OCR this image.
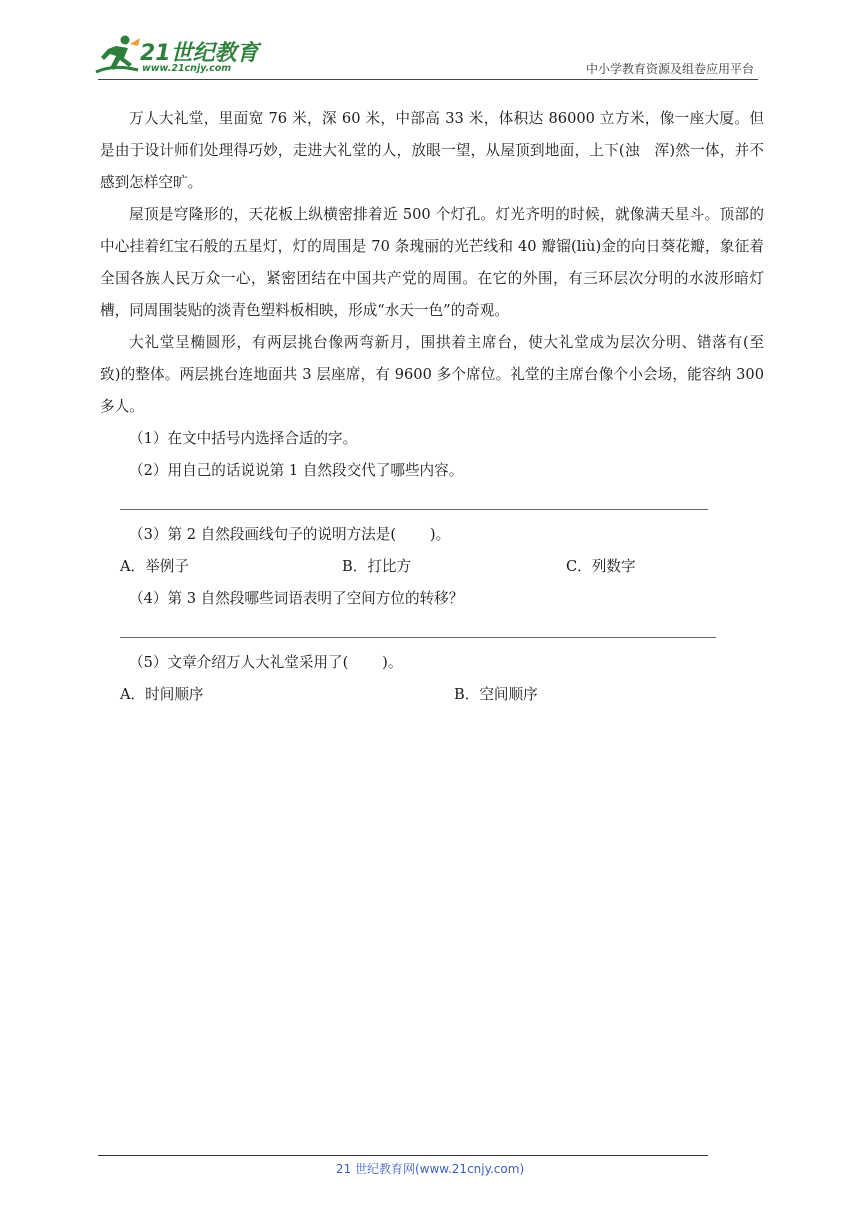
21世纪教育
www.21cnjy.com	中小学教育资源及组卷应用平台

万人大礼堂，里面宽 76 米，深 60 米，中部高 33 米，体积达 86000 立方米，像一座大厦。但是由于设计师们处理得巧妙，走进大礼堂的人，放眼一望，从屋顶到地面，上下(浊　浑)然一体，并不感到怎样空旷。

屋顶是穹隆形的，天花板上纵横密排着近 500 个灯孔。灯光齐明的时候，就像满天星斗。顶部的中心挂着红宝石般的五星灯，灯的周围是 70 条瑰丽的光芒线和 40 瓣镏(liù)金的向日葵花瓣，象征着全国各族人民万众一心，紧密团结在中国共产党的周围。在它的外围，有三环层次分明的水波形暗灯槽，同周围装贴的淡青色塑料板相映，形成“水天一色”的奇观。

大礼堂呈椭圆形，有两层挑台像两弯新月，围拱着主席台，使大礼堂成为层次分明、错落有(至　致)的整体。两层挑台连地面共 3 层座席，有 9600 多个席位。礼堂的主席台像个小会场，能容纳 300 多人。

（1）在文中括号内选择合适的字。

（2）用自己的话说说第 1 自然段交代了哪些内容。

（3）第 2 自然段画线句子的说明方法是(　　 )。

A．举例子	B．打比方	C．列数字

（4）第 3 自然段哪些词语表明了空间方位的转移？

（5）文章介绍万人大礼堂采用了(　　 )。

A．时间顺序	B．空间顺序
21 世纪教育网(www.21cnjy.com)
